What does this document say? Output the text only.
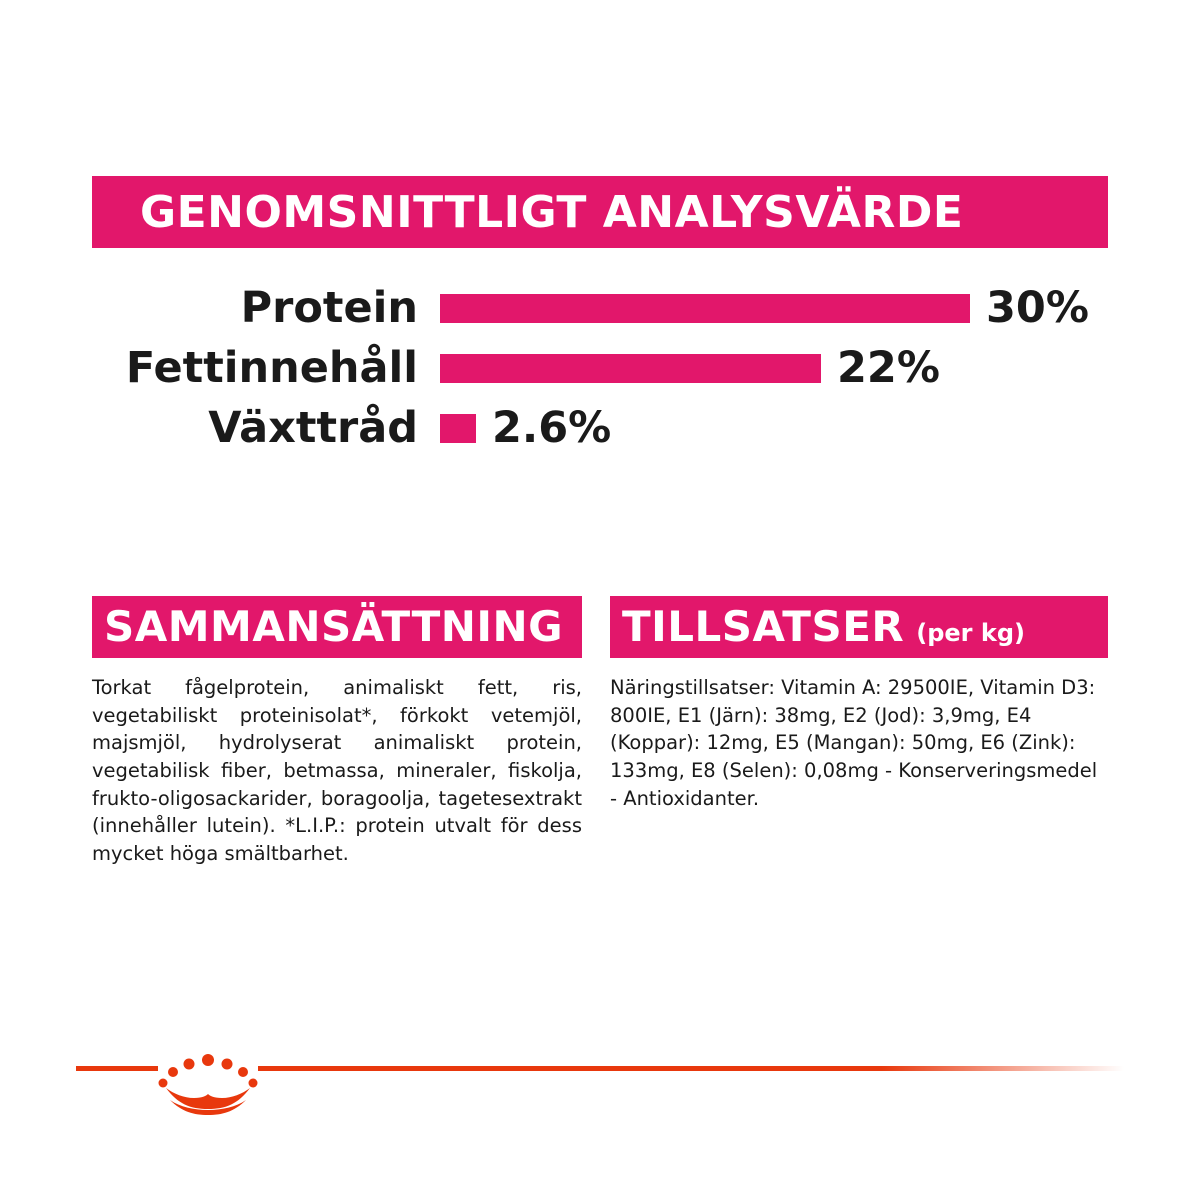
GENOMSNITTLIGT ANALYSVÄRDE
Protein	30%
Fettinnehåll	22%
Växttråd	2.6%
SAMMANSÄTTNING
Torkat fågelprotein, animaliskt fett, ris, vegetabiliskt proteinisolat*, förkokt vetemjöl, majsmjöl, hydrolyserat animaliskt protein, vegetabilisk fiber, betmassa, mineraler, fiskolja, frukto-oligosackarider, boragoolja, tagetesextrakt (innehåller lutein). *L.I.P.: protein utvalt för dess mycket höga smältbarhet.
TILLSATSER (per kg)
Näringstillsatser: Vitamin A: 29500IE, Vitamin D3: 800IE, E1 (Järn): 38mg, E2 (Jod): 3,9mg, E4 (Koppar): 12mg, E5 (Mangan): 50mg, E6 (Zink): 133mg, E8 (Selen): 0,08mg - Konserveringsmedel - Antioxidanter.
